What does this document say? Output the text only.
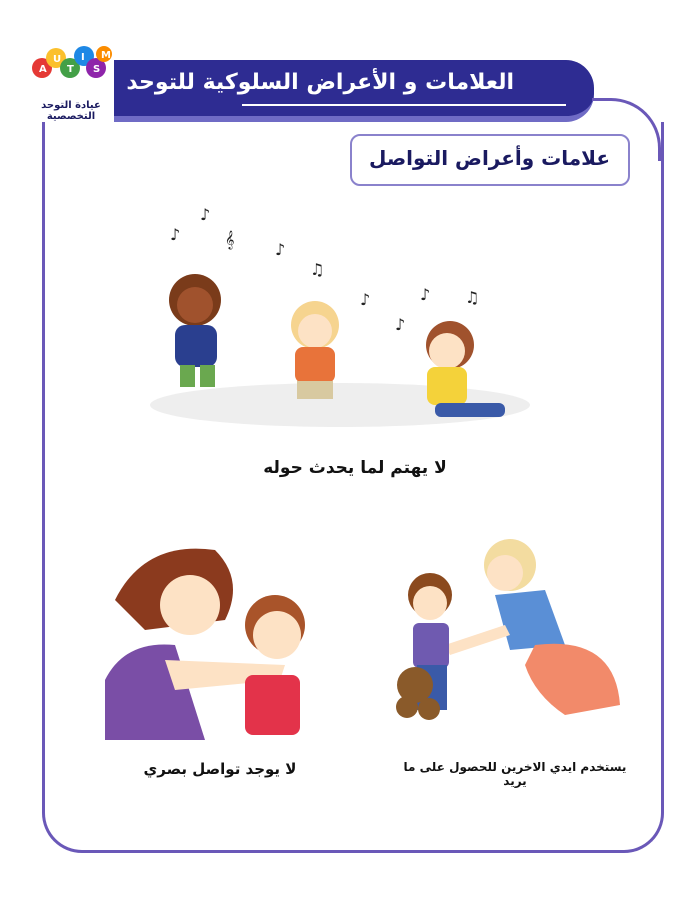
AUTISM
عيادة التوحد التخصصية
العلامات و الأعراض السلوكية للتوحد
علامات وأعراض التواصل
♪
♪	𝄞
♪
♫
♪	♪ ♫
♪
لا يهتم لما يحدث حوله
لا يوجد تواصل بصري	يستخدم ايدي الاخرين للحصول على ما يريد
